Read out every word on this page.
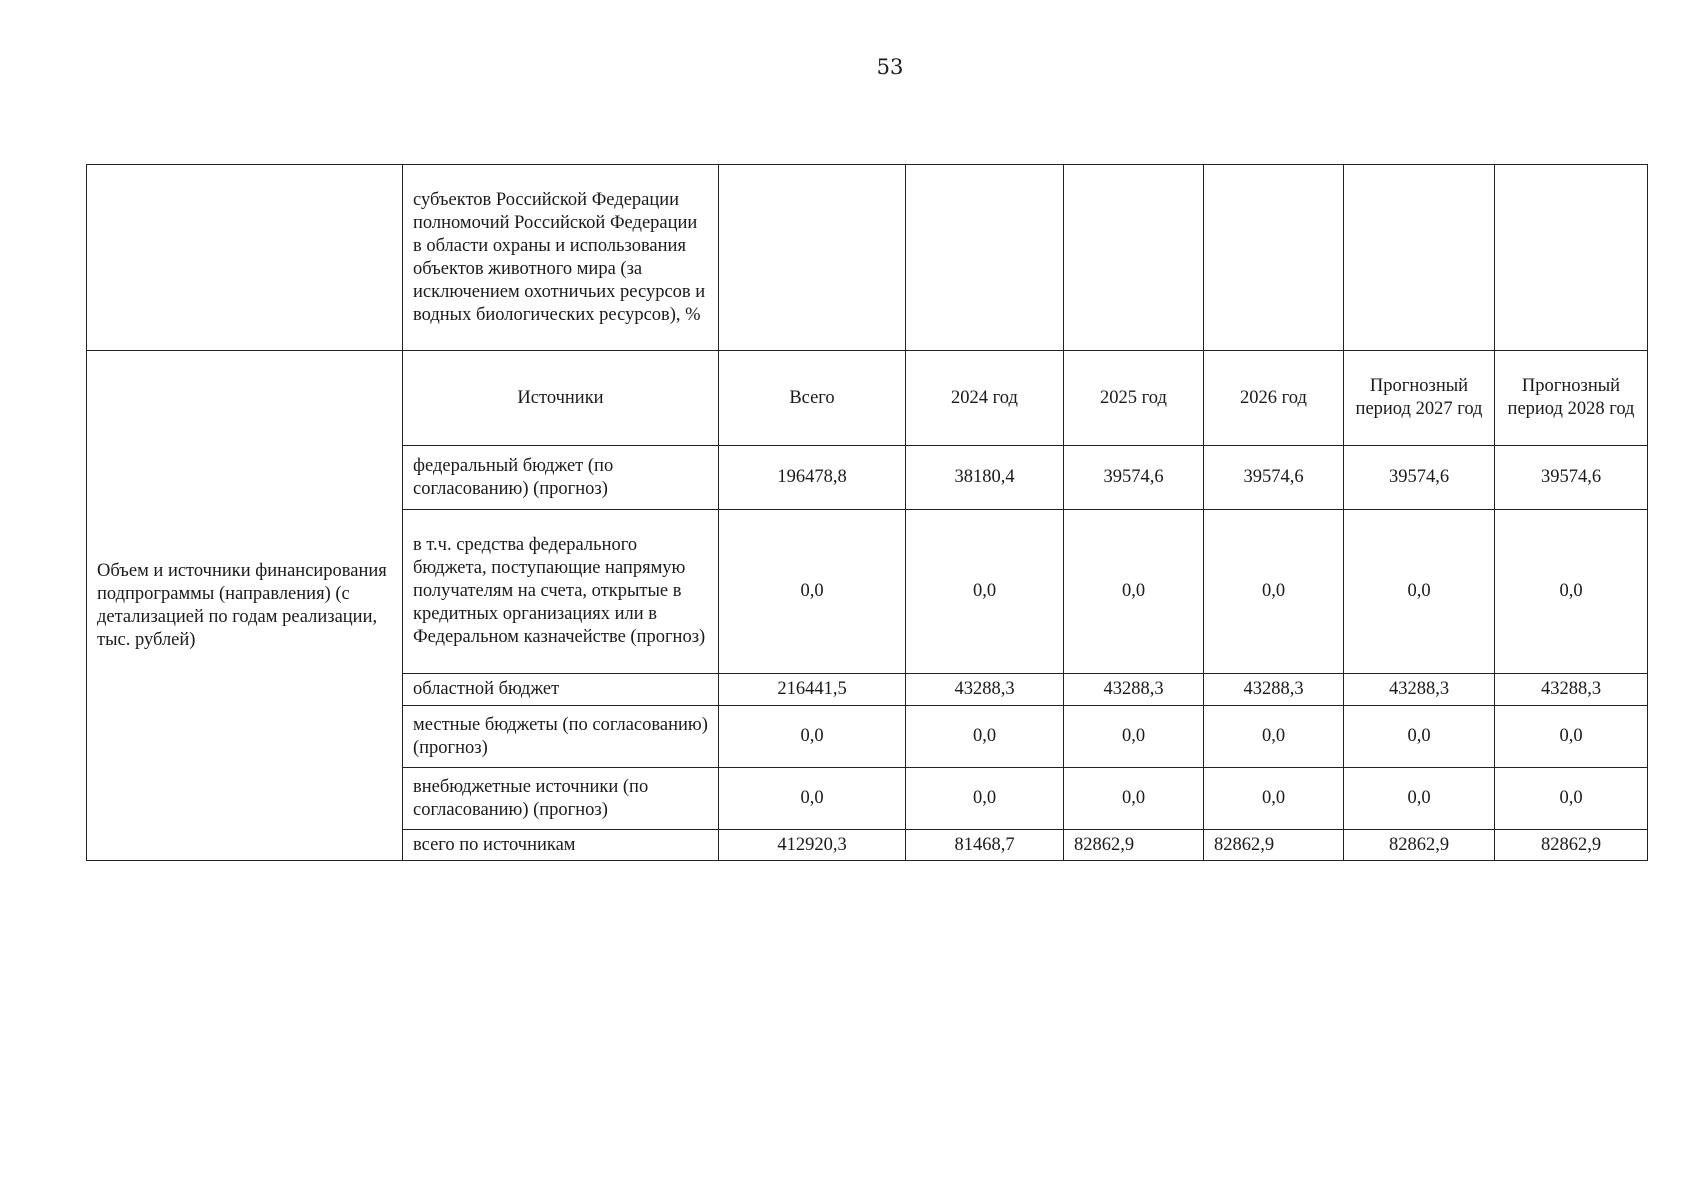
53
	субъектов Российской Федерации полномочий Российской Федерации в области охраны и использования объектов животного мира (за исключением охотничьих ресурсов и водных биологических ресурсов), %						
Объем и источники финансирования подпрограммы (направления) (с детализацией по годам реализации, тыс. рублей)	Источники	Всего	2024 год	2025 год	2026 год	Прогнозный период 2027 год	Прогнозный период 2028 год
	федеральный бюджет (по согласованию) (прогноз)	196478,8	38180,4	39574,6	39574,6	39574,6	39574,6
	в т.ч. средства федерального бюджета, поступающие напрямую получателям на счета, открытые в кредитных организациях или в Федеральном казначействе (прогноз)	0,0	0,0	0,0	0,0	0,0	0,0
	областной бюджет	216441,5	43288,3	43288,3	43288,3	43288,3	43288,3
	местные бюджеты (по согласованию) (прогноз)	0,0	0,0	0,0	0,0	0,0	0,0
	внебюджетные источники (по согласованию) (прогноз)	0,0	0,0	0,0	0,0	0,0	0,0
	всего по источникам	412920,3	81468,7	82862,9	82862,9	82862,9	82862,9
